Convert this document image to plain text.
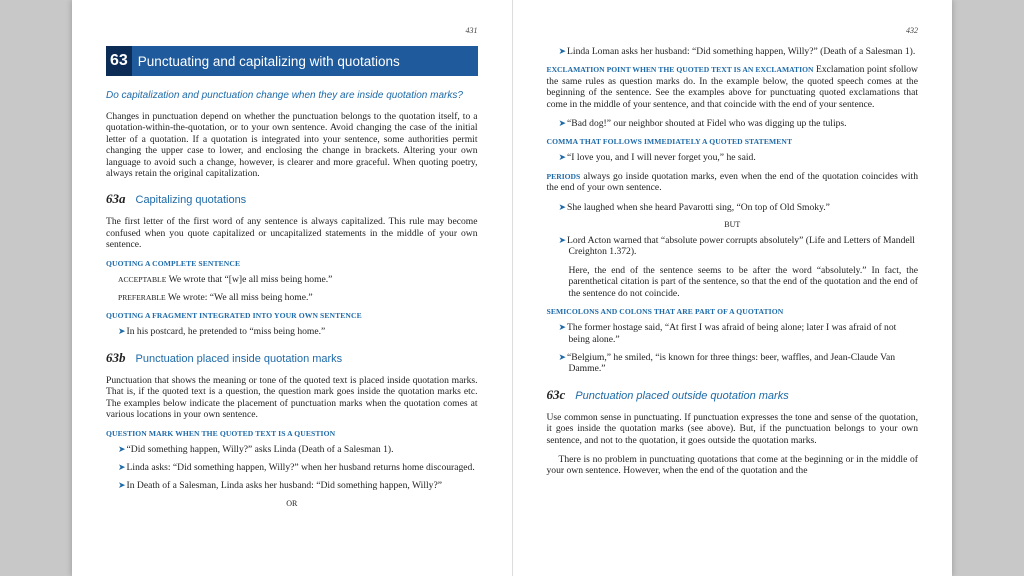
431
63 Punctuating and capitalizing with quotations
Do capitalization and punctuation change when they are inside quotation marks?

Changes in punctuation depend on whether the punctuation belongs to the quotation itself, to a quotation-within-the-quotation, or to your own sentence. Avoid changing the case of the initial letter of a quotation. If a quotation is integrated into your sentence, some authorities permit changing the upper case to lower, and enclosing the change in brackets. Altering your own language to avoid such a change, however, is clearer and more graceful. When quoting poetry, always retain the original capitalization.

63a Capitalizing quotations

The first letter of the first word of any sentence is always capitalized. This rule may become confused when you quote capitalized or uncapitalized statements in the middle of your own sentence.

QUOTING A COMPLETE SENTENCE
ACCEPTABLE We wrote that “[w]e all miss being home.”
PREFERABLE We wrote: “We all miss being home.”
QUOTING A FRAGMENT INTEGRATED INTO YOUR OWN SENTENCE
➤In his postcard, he pretended to “miss being home.”
63b Punctuation placed inside quotation marks

Punctuation that shows the meaning or tone of the quoted text is placed inside quotation marks. That is, if the quoted text is a question, the question mark goes inside the quotation marks etc. The examples below indicate the placement of punctuation marks when the quotation comes at various locations in your own sentence.

QUESTION MARK WHEN THE QUOTED TEXT IS A QUESTION
➤“Did something happen, Willy?” asks Linda (Death of a Salesman 1).
➤Linda asks: “Did something happen, Willy?” when her husband returns home discouraged.
➤In Death of a Salesman, Linda asks her husband: “Did something happen, Willy?”
OR
432
➤Linda Loman asks her husband: “Did something happen, Willy?” (Death of a Salesman 1).

EXCLAMATION POINT WHEN THE QUOTED TEXT IS AN EXCLAMATION Exclamation point sfollow the same rules as question marks do. In the example below, the quoted speech comes at the beginning of the sentence. See the examples above for punctuating quoted exclamations that come in the middle of your sentence, and that coincide with the end of your sentence.

➤“Bad dog!” our neighbor shouted at Fidel who was digging up the tulips.
COMMA THAT FOLLOWS IMMEDIATELY A QUOTED STATEMENT
➤“I love you, and I will never forget you,” he said.

PERIODS always go inside quotation marks, even when the end of the quotation coincides with the end of your own sentence.

➤She laughed when she heard Pavarotti sing, “On top of Old Smoky.”
BUT
➤Lord Acton warned that “absolute power corrupts absolutely” (Life and Letters of Mandell Creighton 1.372).

Here, the end of the sentence seems to be after the word “absolutely.” In fact, the parenthetical citation is part of the sentence, so that the end of the quotation and the end of the sentence do not coincide.

SEMICOLONS AND COLONS THAT ARE PART OF A QUOTATION
➤The former hostage said, “At first I was afraid of being alone; later I was afraid of not being alone.”
➤“Belgium,” he smiled, “is known for three things: beer, waffles, and Jean-Claude Van Damme.”
63c Punctuation placed outside quotation marks

Use common sense in punctuating. If punctuation expresses the tone and sense of the quotation, it goes inside the quotation marks (see above). But, if the punctuation belongs to your own sentence, and not to the quotation, it goes outside the quotation marks.

There is no problem in punctuating quotations that come at the beginning or in the middle of your own sentence. However, when the end of the quotation and the
